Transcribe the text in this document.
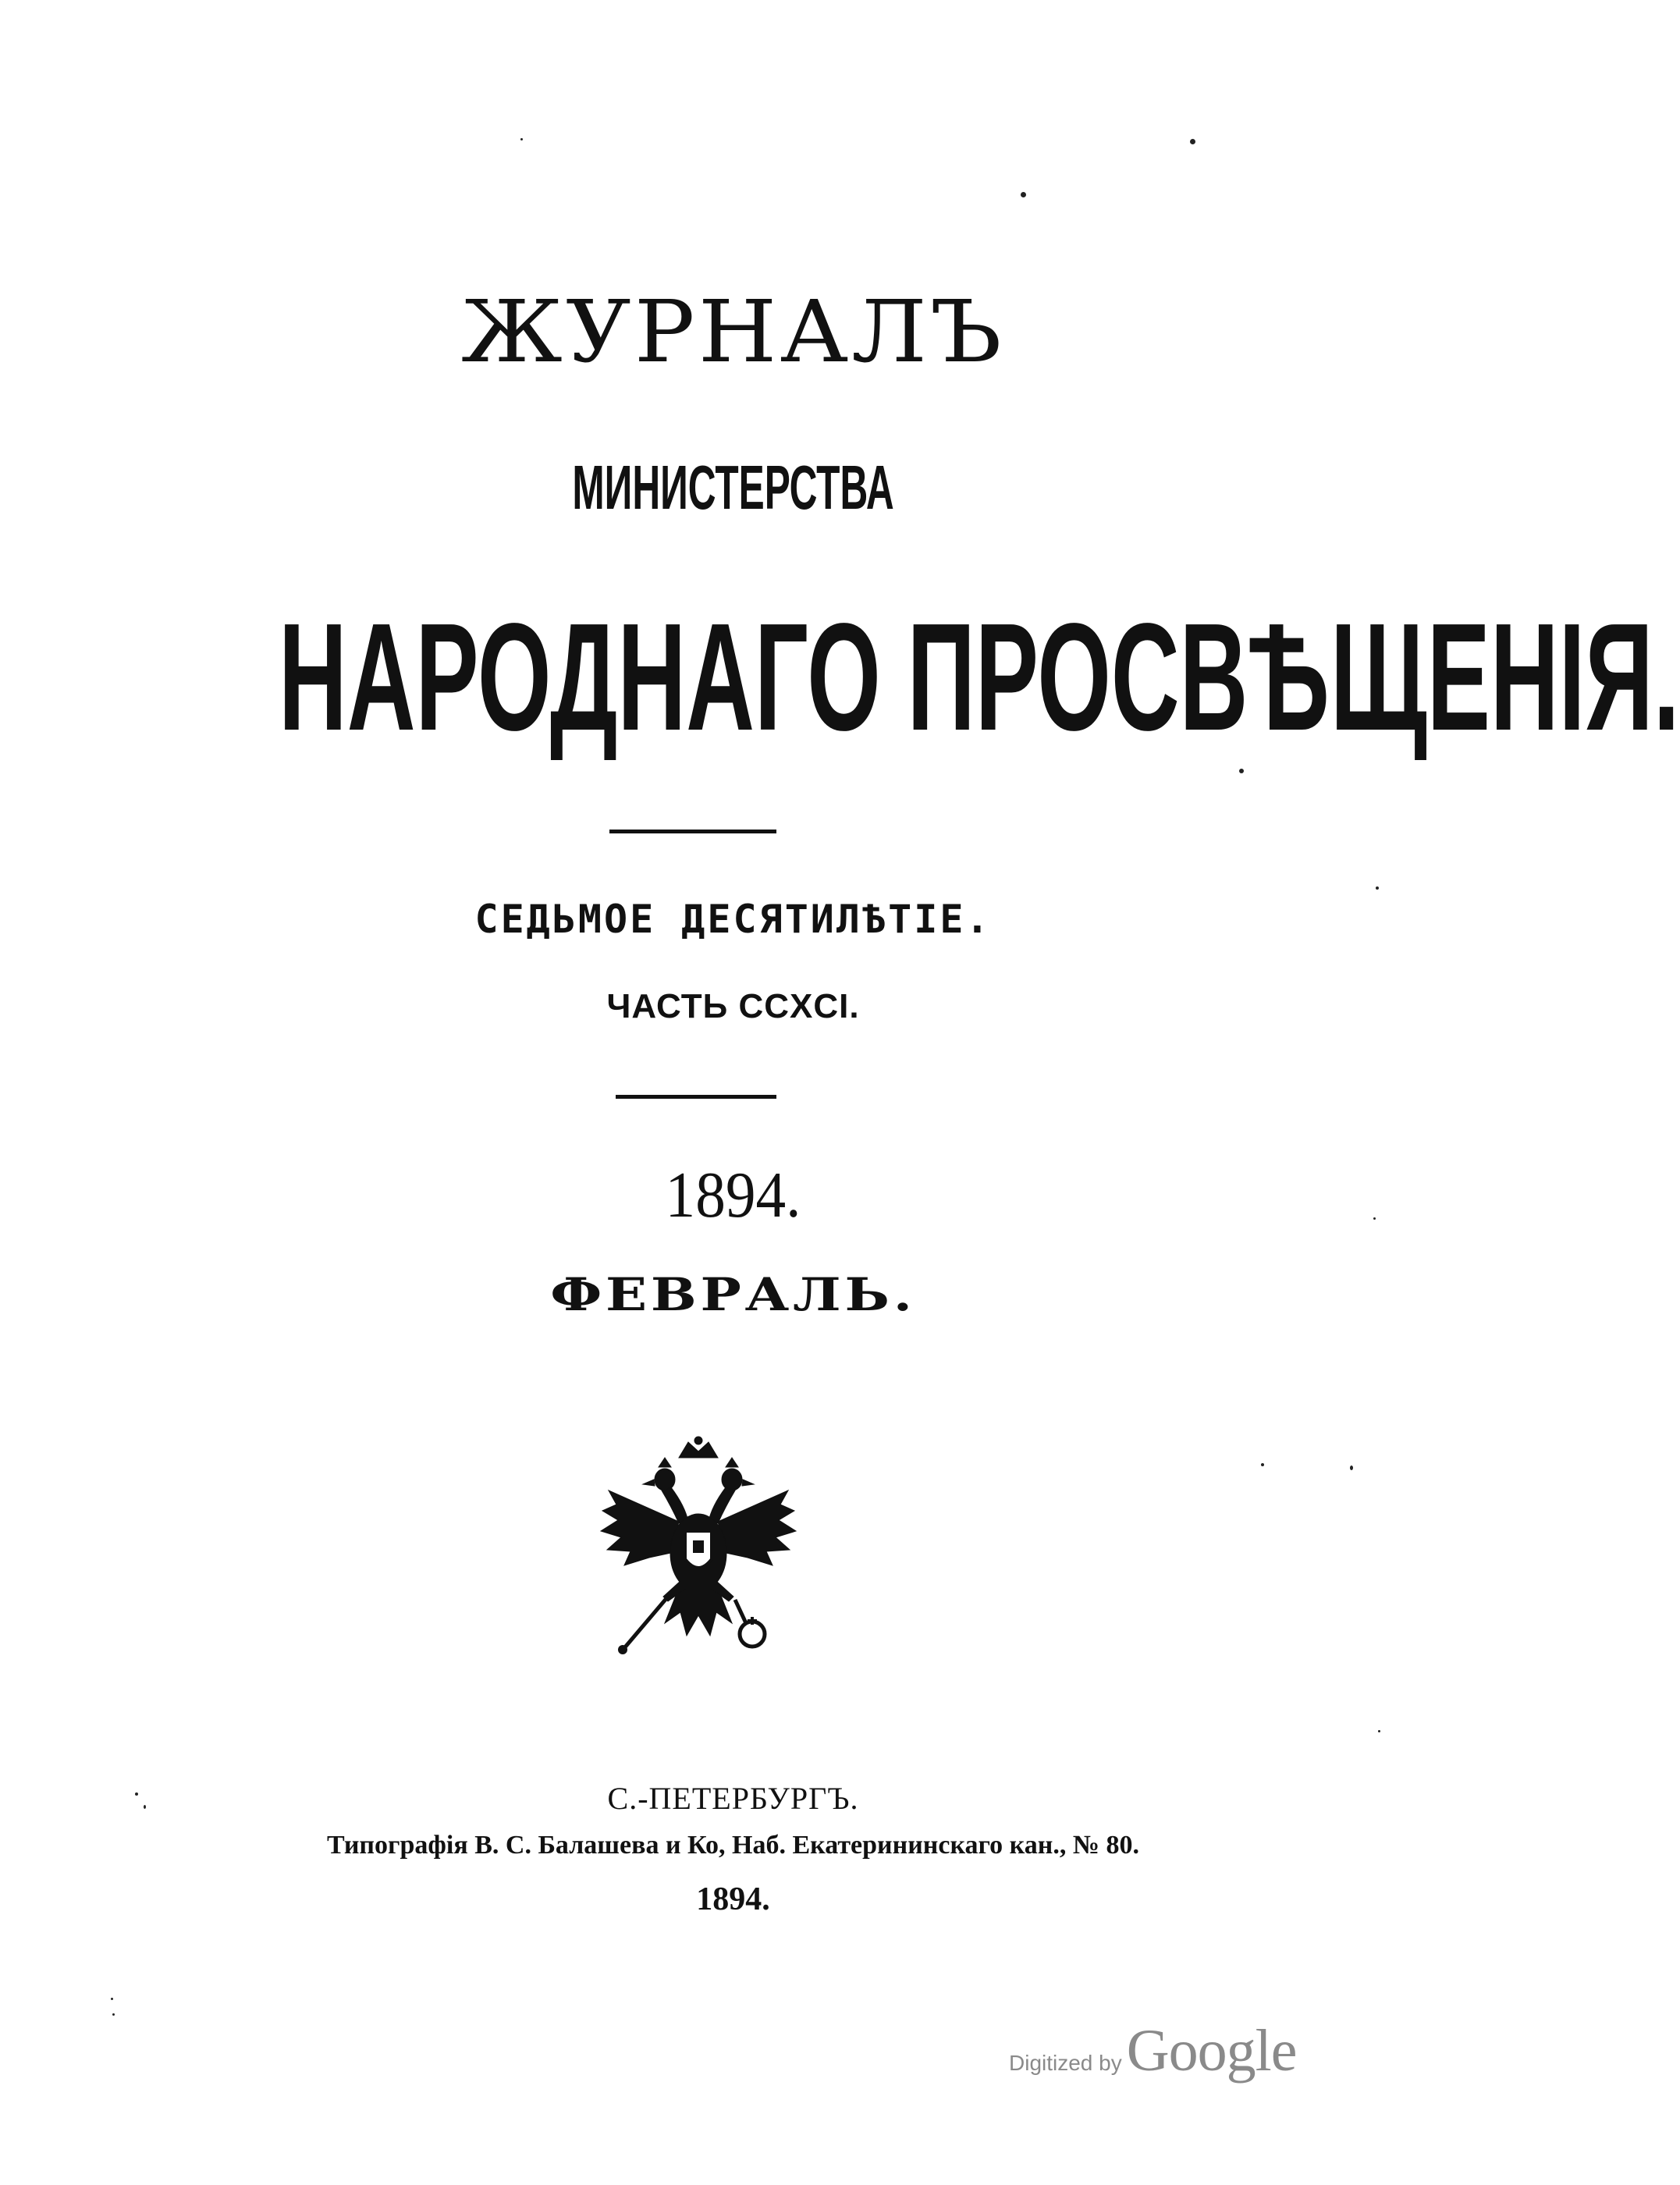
ЖУРНАЛЪ
МИНИСТЕРСТВА
НАРОДНАГО ПРОСВѢЩЕНІЯ.
СЕДЬМОЕ ДЕСЯТИЛѢТІЕ.
ЧАСТЬ CCXCI.
1894.
ФЕВРАЛЬ.
С.-ПЕТЕРБУРГЪ.
Типографія В. С. Балашева и Ко, Наб. Екатерининскаго кан., № 80.
1894.
Digitized by Google
